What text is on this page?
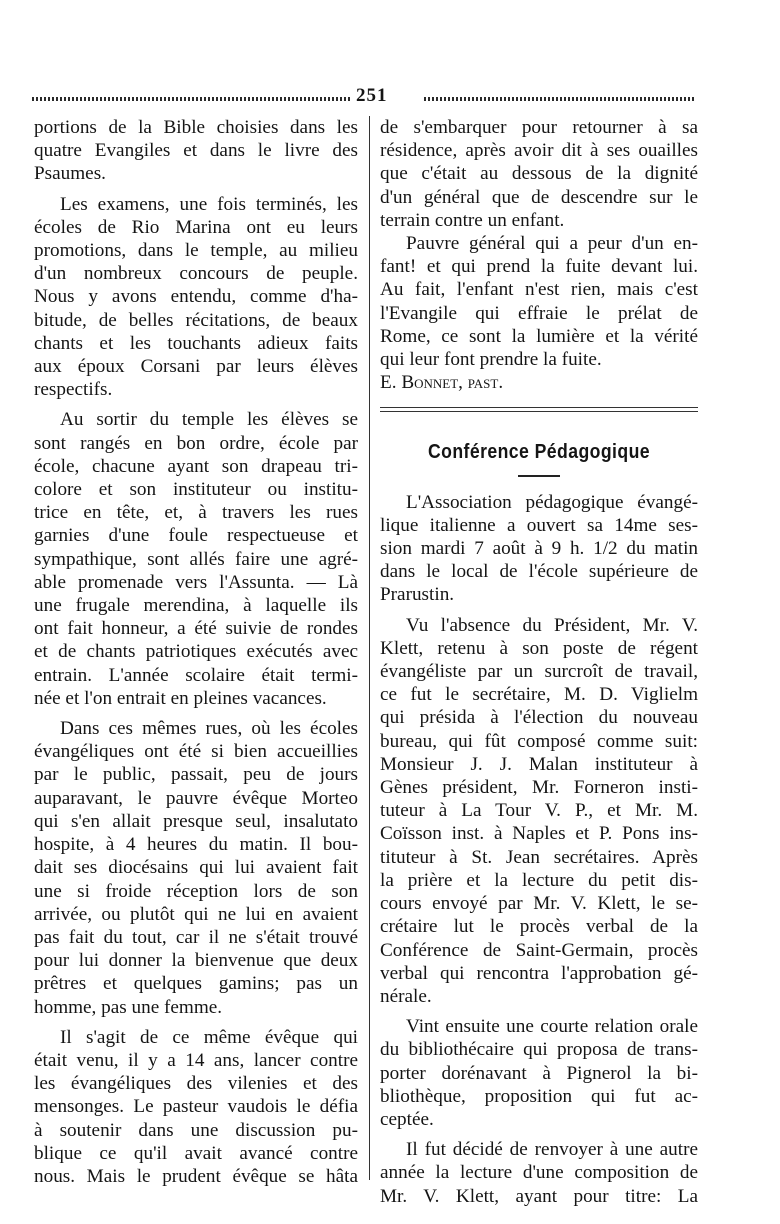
251

portions de la Bible choisies dans les
quatre Evangiles et dans le livre des
Psaumes.

Les examens, une fois terminés, les
écoles de Rio Marina ont eu leurs
promotions, dans le temple, au milieu
d'un nombreux concours de peuple.
Nous y avons entendu, comme d'ha-
bitude, de belles récitations, de beaux
chants et les touchants adieux faits
aux époux Corsani par leurs élèves
respectifs.

Au sortir du temple les élèves se
sont rangés en bon ordre, école par
école, chacune ayant son drapeau tri-
colore et son instituteur ou institu-
trice en tête, et, à travers les rues
garnies d'une foule respectueuse et
sympathique, sont allés faire une agré-
able promenade vers l'Assunta. — Là
une frugale merendina, à laquelle ils
ont fait honneur, a été suivie de rondes
et de chants patriotiques exécutés avec
entrain. L'année scolaire était termi-
née et l'on entrait en pleines vacances.

Dans ces mêmes rues, où les écoles
évangéliques ont été si bien accueillies
par le public, passait, peu de jours
auparavant, le pauvre évêque Morteo
qui s'en allait presque seul, insalutato
hospite, à 4 heures du matin. Il bou-
dait ses diocésains qui lui avaient fait
une si froide réception lors de son
arrivée, ou plutôt qui ne lui en avaient
pas fait du tout, car il ne s'était trouvé
pour lui donner la bienvenue que deux
prêtres et quelques gamins; pas un
homme, pas une femme.

Il s'agit de ce même évêque qui
était venu, il y a 14 ans, lancer contre
les évangéliques des vilenies et des
mensonges. Le pasteur vaudois le défia
à soutenir dans une discussion pu-
blique ce qu'il avait avancé contre
nous. Mais le prudent évêque se hâta

de s'embarquer pour retourner à sa
résidence, après avoir dit à ses ouailles
que c'était au dessous de la dignité
d'un général que de descendre sur le
terrain contre un enfant.

Pauvre général qui a peur d'un en-
fant! et qui prend la fuite devant lui.
Au fait, l'enfant n'est rien, mais c'est
l'Evangile qui effraie le prélat de
Rome, ce sont la lumière et la vérité
qui leur font prendre la fuite.

E. Bonnet, past.

Conférence Pédagogique

L'Association pédagogique évangé-
lique italienne a ouvert sa 14me ses-
sion mardi 7 août à 9 h. 1/2 du matin
dans le local de l'école supérieure de
Prarustin.

Vu l'absence du Président, Mr. V.
Klett, retenu à son poste de régent
évangéliste par un surcroît de travail,
ce fut le secrétaire, M. D. Viglielm
qui présida à l'élection du nouveau
bureau, qui fût composé comme suit:
Monsieur J. J. Malan instituteur à
Gènes président, Mr. Forneron insti-
tuteur à La Tour V. P., et Mr. M.
Coïsson inst. à Naples et P. Pons ins-
tituteur à St. Jean secrétaires. Après
la prière et la lecture du petit dis-
cours envoyé par Mr. V. Klett, le se-
crétaire lut le procès verbal de la
Conférence de Saint-Germain, procès
verbal qui rencontra l'approbation gé-
nérale.

Vint ensuite une courte relation orale
du bibliothécaire qui proposa de trans-
porter dorénavant à Pignerol la bi-
bliothèque, proposition qui fut ac-
ceptée.

Il fut décidé de renvoyer à une autre
année la lecture d'une composition de
Mr. V. Klett, ayant pour titre: La
